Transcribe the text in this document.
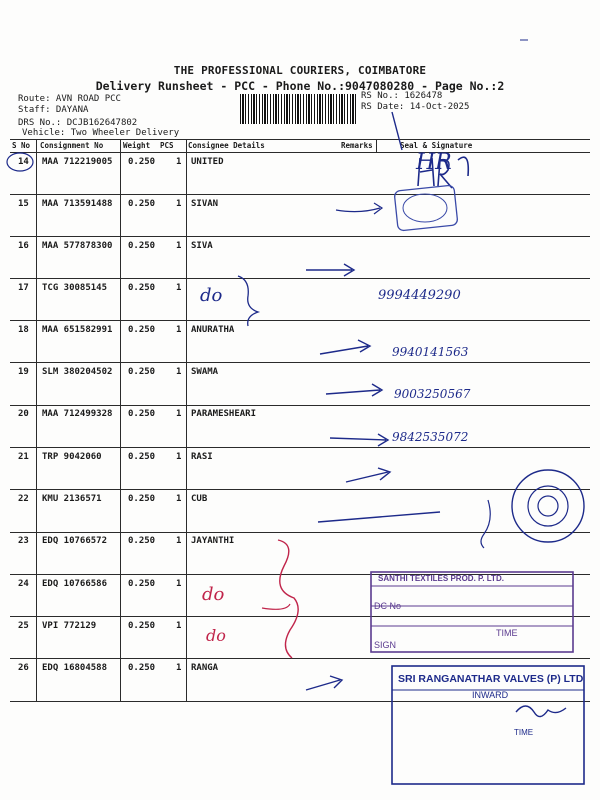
THE PROFESSIONAL COURIERS, COIMBATORE
Delivery Runsheet - PCC - Phone No.:9047080280 - Page No.:2
Route: AVN ROAD PCC
Staff: DAYANA
DRS No.: DCJB162647802
Vehicle: Two Wheeler Delivery
RS No.: 1626478
RS Date: 14-Oct-2025
S No Consignment No	Weight PCS Consignee Details	Remarks	Seal & Signature
14 MAA 712219005 0.250 1 UNITED
15 MAA 713591488 0.250 1 SIVAN
16 MAA 577878300 0.250 1 SIVA
17 TCG 30085145 0.250 1
18 MAA 651582991 0.250 1 ANURATHA
19 SLM 380204502 0.250 1 SWAMA
20 MAA 712499328 0.250 1 PARAMESHEARI
21 TRP 9042060	0.250 1 RASI
22 KMU 2136571	0.250 1 CUB
23 EDQ 10766572 0.250 1 JAYANTHI
24 EDQ 10766586 0.250 1
25 VPI 772129	0.250 1
26 EDQ 16804588 0.250 1 RANGA
HR
9994449290
9940141563
9003250567
9842535072
do
do
do
SANTHI TEXTILES PROD. P. LTD.
DC No
TIME
SIGN
SRI RANGANATHAR VALVES (P) LTD
INWARD
TIME
